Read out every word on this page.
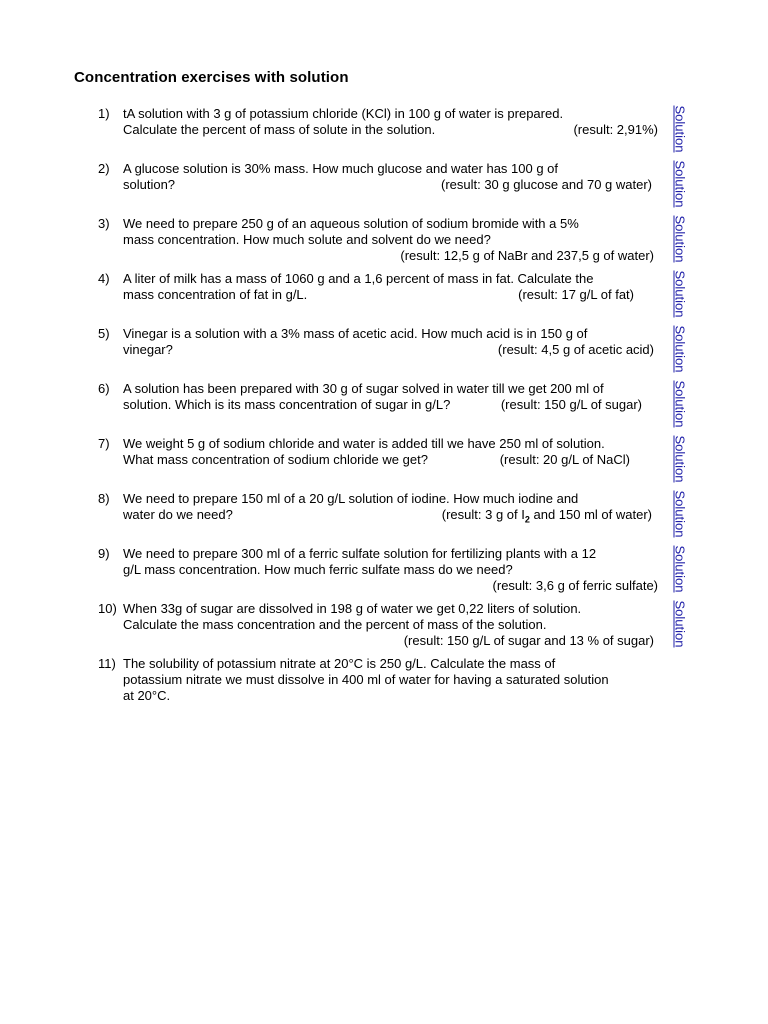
Concentration exercises with solution
1) tA solution with 3 g of potassium chloride (KCl) in 100 g of water is prepared.
Calculate the percent of mass of solute in the solution.	(result: 2,91%)
2) A glucose solution is 30% mass. How much glucose and water has 100 g of
solution?	(result: 30 g glucose and 70 g water)
3) We need to prepare 250 g of an aqueous solution of sodium bromide with a 5%
mass concentration. How much solute and solvent do we need?
(result: 12,5 g of NaBr and 237,5 g of water)
4) A liter of milk has a mass of 1060 g and a 1,6 percent of mass in fat. Calculate the
mass concentration of fat in g/L.	(result: 17 g/L of fat)
5) Vinegar is a solution with a 3% mass of acetic acid. How much acid is in 150 g of
vinegar?	(result: 4,5 g of acetic acid)
6) A solution has been prepared with 30 g of sugar solved in water till we get 200 ml of
solution. Which is its mass concentration of sugar in g/L?	(result: 150 g/L of sugar)
7) We weight 5 g of sodium chloride and water is added till we have 250 ml of solution.
What mass concentration of sodium chloride we get?	(result: 20 g/L of NaCl)
8) We need to prepare 150 ml of a 20 g/L solution of iodine. How much iodine and
water do we need?	(result: 3 g of $I_2$ and 150 ml of water)
9) We need to prepare 300 ml of a ferric sulfate solution for fertilizing plants with a 12
g/L mass concentration. How much ferric sulfate mass do we need?
(result: 3,6 g of ferric sulfate)
10) When 33g of sugar are dissolved in 198 g of water we get 0,22 liters of solution.
Calculate the mass concentration and the percent of mass of the solution.
(result: 150 g/L of sugar and 13 % of sugar)
11) The solubility of potassium nitrate at 20°C is 250 g/L. Calculate the mass of
potassium nitrate we must dissolve in 400 ml of water for having a saturated solution
at 20°C.
Solution
Solution
Solution
Solution
Solution
Solution
Solution
Solution
Solution
Solution
